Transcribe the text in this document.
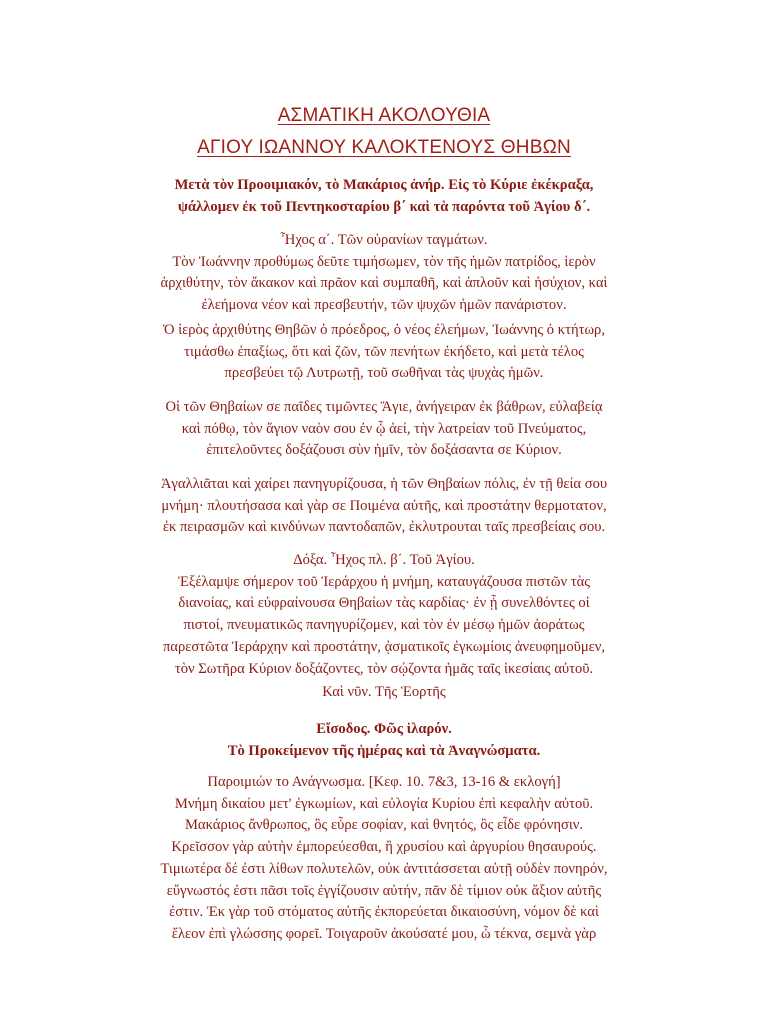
ΑΣΜΑΤΙΚΗ ΑΚΟΛΟΥΘΙΑ
ΑΓΙΟΥ ΙΩΑΝΝΟΥ ΚΑΛΟΚΤΕΝΟΥΣ ΘΗΒΩΝ
Μετὰ τὸν Προοιμιακόν, τὸ Μακάριος ἀνήρ. Εἰς τὸ Κύριε ἐκέκραξα,
ψάλλομεν ἐκ τοῦ Πεντηκοσταρίου β΄ καὶ τὰ παρόντα τοῦ Ἁγίου δ΄.
Ἦχος α΄. Τῶν οὐρανίων ταγμάτων.
Τὸν Ἰωάννην προθύμως δεῦτε τιμήσωμεν, τὸν τῆς ἡμῶν πατρίδος, ἱερὸν
ἀρχιθύτην, τὸν ἄκακον καὶ πρᾶον καὶ συμπαθῆ, καὶ ἁπλοῦν καὶ ἡσύχιον, καὶ
ἐλεήμονα νέον καὶ πρεσβευτήν, τῶν ψυχῶν ἡμῶν πανάριστον.
Ὁ ἱερὸς ἀρχιθύτης Θηβῶν ὁ πρόεδρος, ὁ νέος ἐλεήμων, Ἰωάννης ὁ κτήτωρ,
τιμάσθω ἐπαξίως, ὅτι καὶ ζῶν, τῶν πενήτων ἐκήδετο, καὶ μετὰ τέλος
πρεσβεύει τῷ Λυτρωτῇ, τοῦ σωθῆναι τὰς ψυχὰς ἡμῶν.
Οἱ τῶν Θηβαίων σε παῖδες τιμῶντες Ἅγιε, ἀνήγειραν ἐκ βάθρων, εὐλαβείᾳ
καὶ πόθῳ, τὸν ἅγιον ναὸν σου ἐν ᾧ ἀεί, τὴν λατρείαν τοῦ Πνεύματος,
ἐπιτελοῦντες δοξάζουσι σὺν ἡμῖν, τὸν δοξάσαντα σε Κύριον.
Ἀγαλλιᾶται καὶ χαίρει πανηγυρίζουσα, ἡ τῶν Θηβαίων πόλις, ἐν τῇ θεία σου
μνήμη· πλουτήσασα καὶ γὰρ σε Ποιμένα αὐτῆς, καὶ προστάτην θερμοτατον,
ἐκ πειρασμῶν καὶ κινδύνων παντοδαπῶν, ἐκλυτρουται ταῖς πρεσβείαις σου.
Δόξα. Ἦχος πλ. β΄. Τοῦ Ἁγίου.
Ἐξέλαμψε σήμερον τοῦ Ἱεράρχου ἡ μνήμη, καταυγάζουσα πιστῶν τὰς
διανοίας, καὶ εὐφραίνουσα Θηβαίων τὰς καρδίας· ἐν ᾗ συνελθόντες οἱ
πιστοί, πνευματικῶς πανηγυρίζομεν, καὶ τὸν ἐν μέσῳ ἡμῶν ἀοράτως
παρεστῶτα Ἱεράρχην καὶ προστάτην, ᾀσματικοῖς ἐγκωμίοις ἀνευφημοῦμεν,
τὸν Σωτῆρα Κύριον δοξάζοντες, τὸν σῴζοντα ἡμᾶς ταῖς ἱκεσίαις αὐτοῦ.
Καὶ νῦν. Τῆς Ἑορτῆς
Εἴσοδος. Φῶς ἱλαρόν.
Τὸ Προκείμενον τῆς ἡμέρας καὶ τὰ Ἀναγνώσματα.
Παροιμιών το Ανάγνωσμα. [Κεφ. 10. 7&3, 13-16 & εκλογή]
Μνήμη δικαίου μετ' ἐγκωμίων, καὶ εὐλογία Κυρίου ἐπὶ κεφαλὴν αὐτοῦ.
Μακάριος ἄνθρωπος, ὃς εὗρε σοφίαν, καὶ θνητός, ὃς εἶδε φρόνησιν.
Κρεῖσσον γὰρ αὐτὴν ἐμπορεύεσθαι, ἢ χρυσίου καὶ ἀργυρίου θησαυρούς.
Τιμιωτέρα δέ ἐστι λίθων πολυτελῶν, οὐκ ἀντιτάσσεται αὐτῇ οὐδὲν πονηρόν,
εὔγνωστός ἐστι πᾶσι τοῖς ἐγγίζουσιν αὐτήν, πᾶν δὲ τίμιον οὐκ ἄξιον αὐτῆς
ἐστιν. Ἐκ γὰρ τοῦ στόματος αὐτῆς ἐκπορεύεται δικαιοσύνη, νόμον δὲ καὶ
ἔλεον ἐπὶ γλώσσης φορεῖ. Τοιγαροῦν ἀκούσατέ μου, ὦ τέκνα, σεμνὰ γὰρ
